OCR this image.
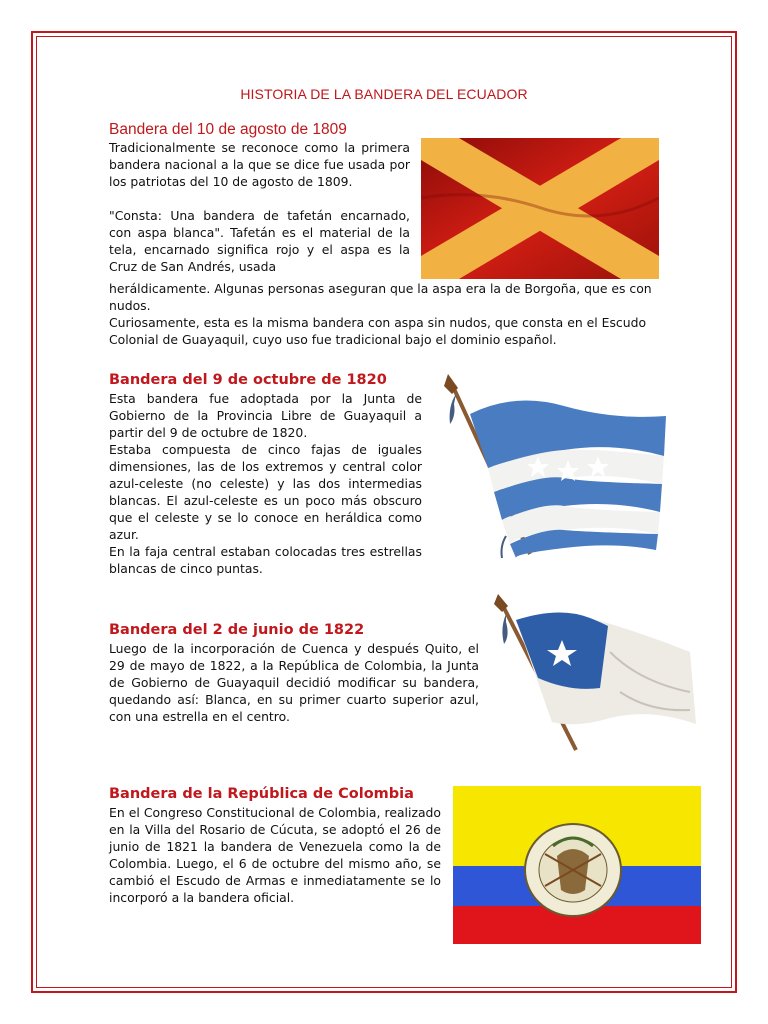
HISTORIA DE LA BANDERA DEL ECUADOR
Bandera del 10 de agosto de 1809
Tradicionalmente se reconoce como la primera bandera nacional a la que se dice fue usada por los patriotas del 10 de agosto de 1809.
"Consta: Una bandera de tafetán encarnado, con aspa blanca". Tafetán es el material de la tela, encarnado significa rojo y el aspa es la Cruz de San Andrés, usada
heráldicamente. Algunas personas aseguran que la aspa era la de Borgoña, que es con nudos.
Curiosamente, esta es la misma bandera con aspa sin nudos, que consta en el Escudo Colonial de Guayaquil, cuyo uso fue tradicional bajo el dominio español.
Bandera del 9 de octubre de 1820
Esta bandera fue adoptada por la Junta de Gobierno de la Provincia Libre de Guayaquil a partir del 9 de octubre de 1820.
Estaba compuesta de cinco fajas de iguales dimensiones, las de los extremos y central color azul-celeste (no celeste) y las dos intermedias blancas. El azul-celeste es un poco más obscuro que el celeste y se lo conoce en heráldica como azur.
En la faja central estaban colocadas tres estrellas blancas de cinco puntas.
Bandera del 2 de junio de 1822
Luego de la incorporación de Cuenca y después Quito, el 29 de mayo de 1822, a la República de Colombia, la Junta de Gobierno de Guayaquil decidió modificar su bandera, quedando así: Blanca, en su primer cuarto superior azul, con una estrella en el centro.
Bandera de la República de Colombia
En el Congreso Constitucional de Colombia, realizado en la Villa del Rosario de Cúcuta, se adoptó el 26 de junio de 1821 la bandera de Venezuela como la de Colombia. Luego, el 6 de octubre del mismo año, se cambió el Escudo de Armas e inmediatamente se lo incorporó a la bandera oficial.
